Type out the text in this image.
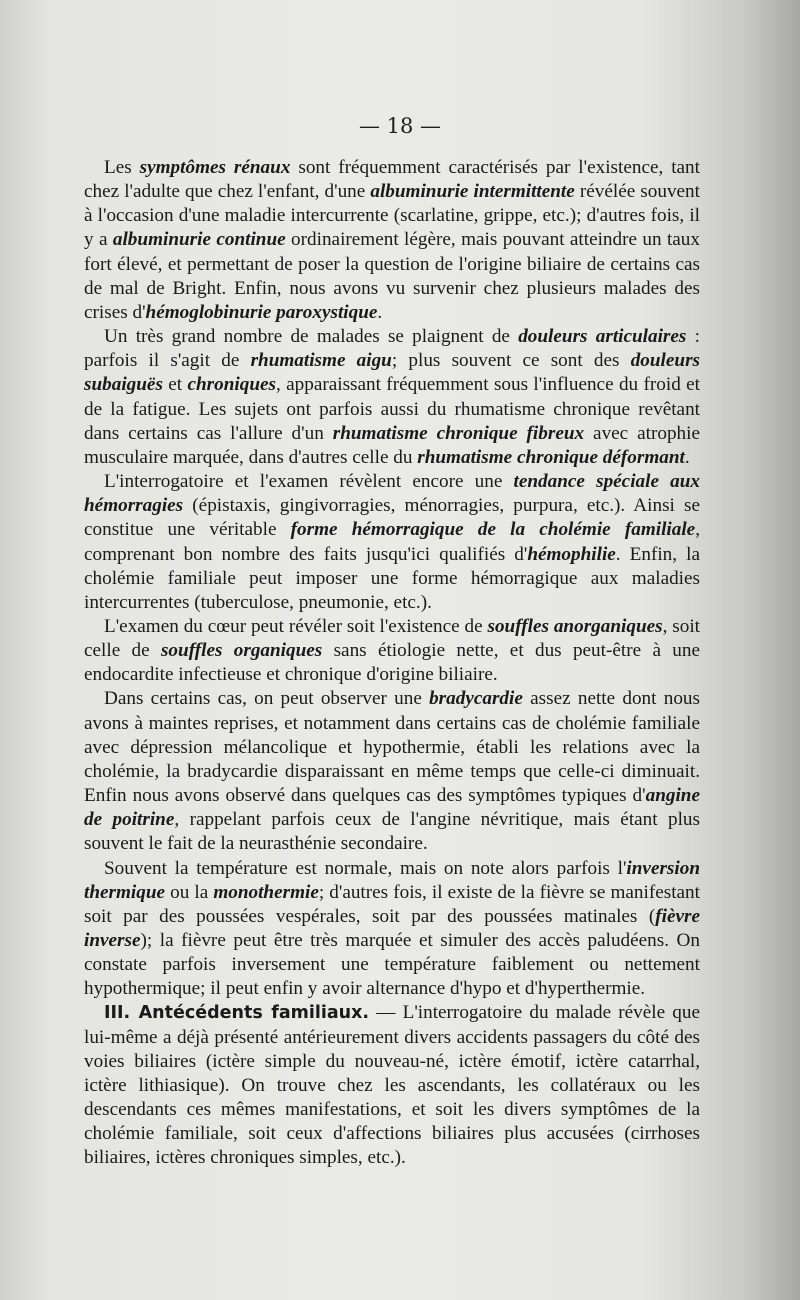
— 18 —

Les symptômes rénaux sont fréquemment caractérisés par l'existence, tant chez l'adulte que chez l'enfant, d'une albuminurie intermittente révélée souvent à l'occasion d'une maladie intercurrente (scarlatine, grippe, etc.); d'autres fois, il y a albuminurie continue ordinairement légère, mais pouvant atteindre un taux fort élevé, et permettant de poser la question de l'origine biliaire de certains cas de mal de Bright. Enfin, nous avons vu survenir chez plusieurs malades des crises d'hémoglobinurie paroxystique.

Un très grand nombre de malades se plaignent de douleurs articulaires : parfois il s'agit de rhumatisme aigu; plus souvent ce sont des douleurs subaiguës et chroniques, apparaissant fréquemment sous l'influence du froid et de la fatigue. Les sujets ont parfois aussi du rhumatisme chronique revêtant dans certains cas l'allure d'un rhumatisme chronique fibreux avec atrophie musculaire marquée, dans d'autres celle du rhumatisme chronique déformant.

L'interrogatoire et l'examen révèlent encore une tendance spéciale aux hémorragies (épistaxis, gingivorragies, ménorragies, purpura, etc.). Ainsi se constitue une véritable forme hémorragique de la cholémie familiale, comprenant bon nombre des faits jusqu'ici qualifiés d'hémophilie. Enfin, la cholémie familiale peut imposer une forme hémorragique aux maladies intercurrentes (tuberculose, pneumonie, etc.).

L'examen du cœur peut révéler soit l'existence de souffles anorganiques, soit celle de souffles organiques sans étiologie nette, et dus peut-être à une endocardite infectieuse et chronique d'origine biliaire.

Dans certains cas, on peut observer une bradycardie assez nette dont nous avons à maintes reprises, et notamment dans certains cas de cholémie familiale avec dépression mélancolique et hypothermie, établi les relations avec la cholémie, la bradycardie disparaissant en même temps que celle-ci diminuait. Enfin nous avons observé dans quelques cas des symptômes typiques d'angine de poitrine, rappelant parfois ceux de l'angine névritique, mais étant plus souvent le fait de la neurasthénie secondaire.

Souvent la température est normale, mais on note alors parfois l'inversion thermique ou la monothermie; d'autres fois, il existe de la fièvre se manifestant soit par des poussées vespérales, soit par des poussées matinales (fièvre inverse); la fièvre peut être très marquée et simuler des accès paludéens. On constate parfois inversement une température faiblement ou nettement hypothermique; il peut enfin y avoir alternance d'hypo et d'hyperthermie.

III. Antécédents familiaux. — L'interrogatoire du malade révèle que lui-même a déjà présenté antérieurement divers accidents passagers du côté des voies biliaires (ictère simple du nouveau-né, ictère émotif, ictère catarrhal, ictère lithiasique). On trouve chez les ascendants, les collatéraux ou les descendants ces mêmes manifestations, et soit les divers symptômes de la cholémie familiale, soit ceux d'affections biliaires plus accusées (cirrhoses biliaires, ictères chroniques simples, etc.).
